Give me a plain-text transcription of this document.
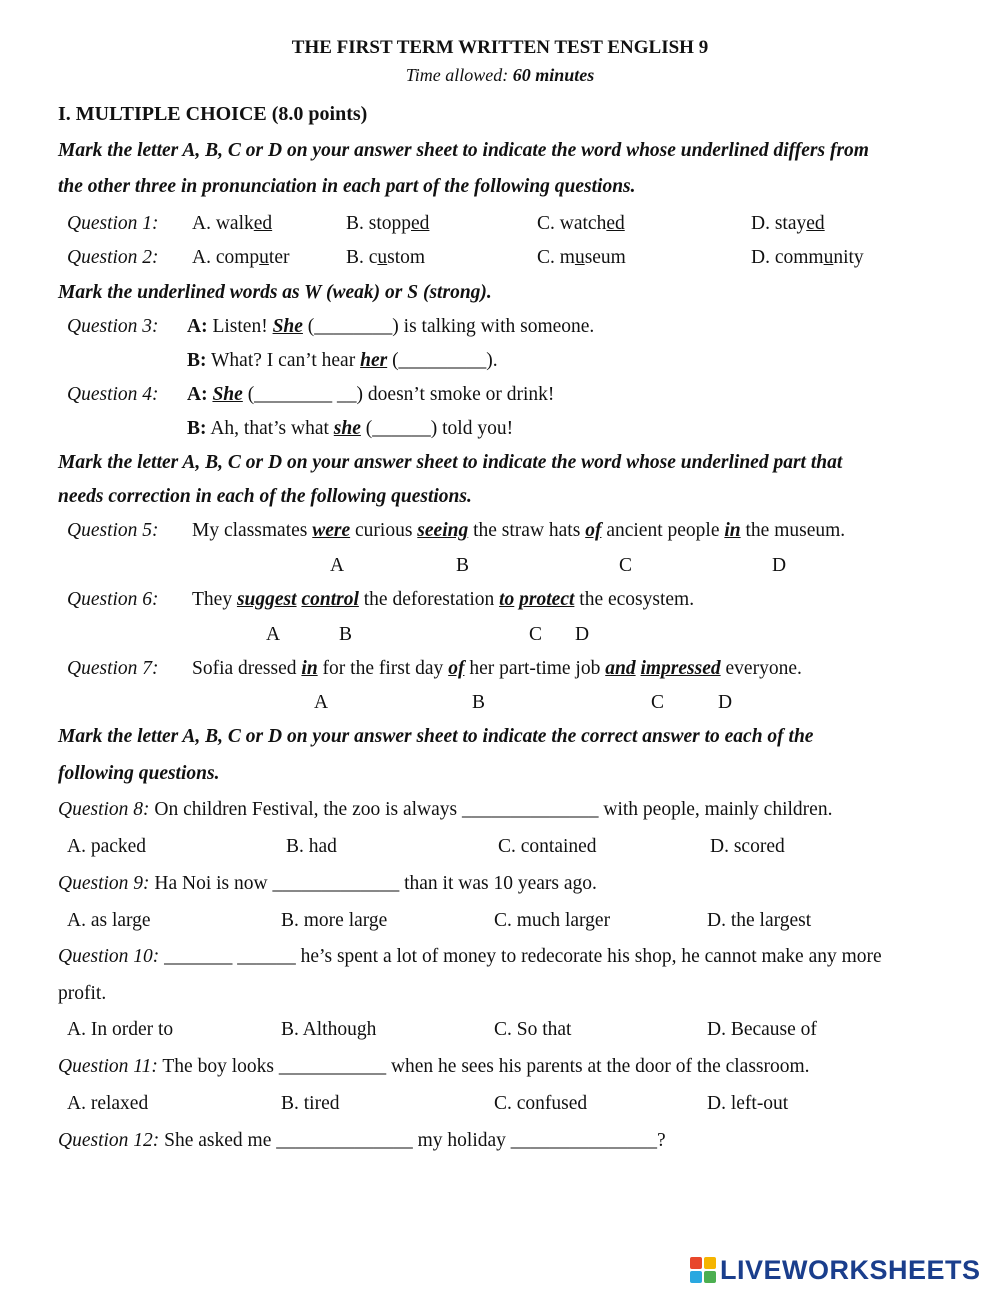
THE FIRST TERM WRITTEN TEST ENGLISH 9
Time allowed: 60 minutes
I. MULTIPLE CHOICE (8.0 points)
Mark the letter A, B, C or D on your answer sheet to indicate the word whose underlined differs from
the other three in pronunciation in each part of the following questions.
Question 1: A. walked	B. stopped	C. watched	D. stayed
Question 2: A. computer	B. custom	C. museum	D. community
Mark the underlined words as W (weak) or S (strong).
Question 3: A: Listen! She (________) is talking with someone.
B: What? I can’t hear her (_________).
Question 4: A: She (________ __) doesn’t smoke or drink!
B: Ah, that’s what she (______) told you!
Mark the letter A, B, C or D on your answer sheet to indicate the word whose underlined part that
needs correction in each of the following questions.
Question 5: My classmates were curious seeing the straw hats of ancient people in the museum.
A	B	C	D
Question 6: They suggest control the deforestation to protect the ecosystem.
A	B	C D
Question 7: Sofia dressed in for the first day of her part-time job and impressed everyone.
A	B	C	D
Mark the letter A, B, C or D on your answer sheet to indicate the correct answer to each of the
following questions.
Question 8: On children Festival, the zoo is always ______________ with people, mainly children.
A. packed	B. had	C. contained	D. scored
Question 9: Ha Noi is now _____________ than it was 10 years ago.
A. as large	B. more large	C. much larger	D. the largest
Question 10: _______ ______ he’s spent a lot of money to redecorate his shop, he cannot make any more
profit.
A. In order to	B. Although	C. So that	D. Because of
Question 11: The boy looks ___________ when he sees his parents at the door of the classroom.
A. relaxed	B. tired	C. confused	D. left-out
Question 12: She asked me ______________ my holiday _______________?
LIVEWORKSHEETS
